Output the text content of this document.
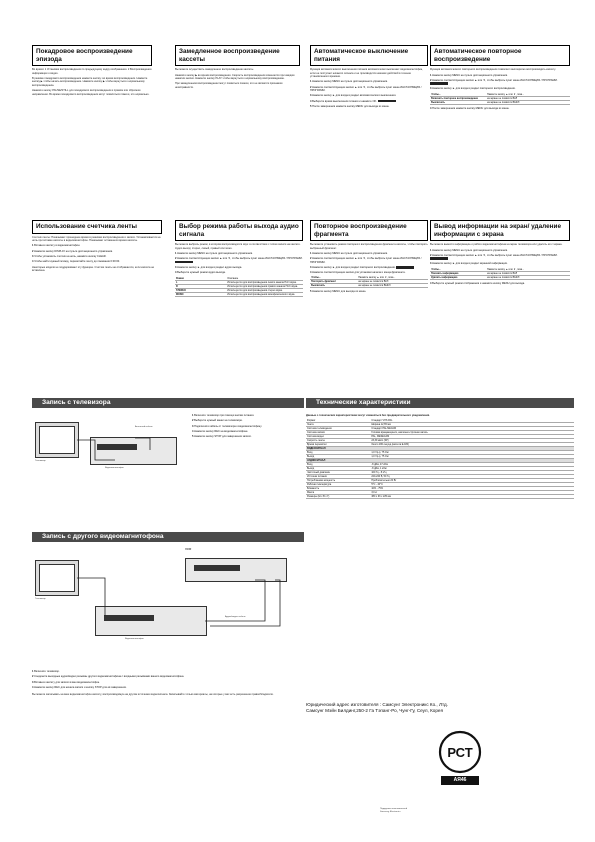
Покадровое воспроизведение эпизода
Во время: 1 Установки воспроизведения по предыдущему кадру изображения. 2 Воспроизведения информации о видео.
В режиме покадрового воспроизведения нажмите кнопку: во время воспроизведения. Нажмите кнопку ▶ чтобы начать воспроизведение. Нажмите кнопку ▶ чтобы вернуться к нормальному воспроизведению.
Нажмите кнопку PAUSE/STILL для покадрового воспроизведения в прямом или обратном направлении. Во время покадрового воспроизведения могут появляться помехи, это нормально.
Замедленное воспроизведение кассеты
Вы можете осуществить замедленное воспроизведение кассеты.
Нажмите кнопку ▶ во время воспроизведения. Скорость воспроизведения изменяется при каждом нажатии кнопки. Нажмите кнопку PLAY чтобы вернуться к нормальному воспроизведению.
При замедленном воспроизведении могут появиться помехи, это не является признаком неисправности.
Автоматическое выключение питания
Функция автоматического выключения питания автоматически выключает видеомагнитофон, если не поступает никакого сигнала и не производится никаких действий в течение установленного времени.
1 Нажмите кнопку MENU на пульте дистанционного управления.
2 Нажмите соответствующие кнопки ▲ или ▼, чтобы выбрать пункт меню ИНСТАЛЛЯЦИЯ / ПРОГРАММ.
3 Нажмите кнопку ► для входа в раздел автоматического выключения.
4 Выберите время выключения питания и нажмите OK.
5 После завершения нажмите кнопку MENU для выхода из меню.
Автоматическое повторное воспроизведение
Функция автоматического повторного воспроизведения позволяет многократно воспроизводить кассету.
1 Нажмите кнопку MENU на пульте дистанционного управления.
2 Нажмите соответствующие кнопки ▲ или ▼, чтобы выбрать пункт меню ИНСТАЛЛЯЦИЯ / ПРОГРАММ.
3 Нажмите кнопку ► для входа в раздел повторного воспроизведения.
Чтобы...	Нажмите кнопку ▲ или ▼, пока...
Включить повторное воспроизведение	на экране не появится ВКЛ
Выключить	на экране не появится ВЫКЛ
4 После завершения нажмите кнопку MENU для выхода из меню.
Использование счетчика ленты
Счетчик ленты: Показывает прошедшее время в режимах воспроизведения и записи. Устанавливается на ноль при вставке кассеты в видеомагнитофон. Показывает оставшееся время кассеты.
1 Вставьте кассету в видеомагнитофон.
2 Нажмите кнопку DISPLAY на пульте дистанционного управления.
3 Чтобы установить счетчик на ноль, нажмите кнопку CLEAR.
4 Чтобы найти нужный эпизод, перемотайте ленту до показания 0:00:00.
Некоторые модели не поддерживают эту функцию. Счетчик ленты не отображается, если кассета не вставлена.
Выбор режима работы выхода аудио сигнала
Вы можете выбрать режим, в котором воспроизводится звук: в соответствии с типом записи на кассете. Аудио выход: стерео, левый, правый или моно.
1 Нажмите кнопку MENU на пульте дистанционного управления.
2 Нажмите соответствующие кнопки ▲ или ▼, чтобы выбрать пункт меню ИНСТАЛЛЯЦИЯ / ПРОГРАММ.
3 Нажмите кнопку ► для входа в раздел аудио выхода.
4 Выберите нужный режим аудио выхода.
Режим	Описание
L	Используется для воспроизведения левого канала Hi-Fi звука.
R	Используется для воспроизведения правого канала Hi-Fi звука.
STEREO	Используется для воспроизведения стерео звука.
MONO	Используется для воспроизведения монофонического звука.
Повторное воспроизведение фрагмента
Вы можете установить режим повторного воспроизведения фрагмента кассеты, чтобы повторить выбранный фрагмент.
1 Нажмите кнопку MENU на пульте дистанционного управления.
2 Нажмите соответствующие кнопки ▲ или ▼, чтобы выбрать пункт меню ИНСТАЛЛЯЦИЯ / ПРОГРАММ.
3 Нажмите кнопку ► для входа в раздел повторного воспроизведения.
4 Нажмите соответствующие кнопки для установки начала и конца фрагмента.
Чтобы...	Нажмите кнопку ▲ или ▼, пока...
Повторить фрагмент	на экране не появится ВКЛ
Выключить	на экране не появится ВЫКЛ
5 Нажмите кнопку MENU для выхода из меню.
Вывод информации на экран/ удаление информации с экрана
Вы можете вывести информацию о работе видеомагнитофона на экран телевизора или удалить её с экрана.
1 Нажмите кнопку MENU на пульте дистанционного управления.
2 Нажмите соответствующие кнопки ▲ или ▼, чтобы выбрать пункт меню ИНСТАЛЛЯЦИЯ / ПРОГРАММ.
3 Нажмите кнопку ► для входа в раздел экранной информации.
Чтобы...	Нажмите кнопку ▲ или ▼, пока...
Показать информацию	на экране не появится ВКЛ
Удалить информацию	на экране не появится ВЫКЛ
4 Выберите нужный режим отображения и нажмите кнопку MENU для выхода.
Запись с телевизора
Телевизор
Видеомагнитофон
Антенный кабель
1 Включите телевизор при помощи кнопки питания.
2 Выберите нужный канал на телевизоре.
3 Подключите кабель от телевизора к видеомагнитофону.
4 Нажмите кнопку REC на видеомагнитофоне.
5 Нажмите кнопку STOP для завершения записи.
Запись с другого видеомагнитофона
Телевизор
VCR
Видеомагнитофон
Аудио/видео кабель
1 Включите телевизор.
2 Соедините выходные аудио/видео разъёмы другого видеомагнитофона с входными разъёмами вашего видеомагнитофона.
3 Вставьте кассету для записи в ваш видеомагнитофон.
4 Нажмите кнопку REC для начала записи и кнопку STOP для её завершения.
Вы можете записывать на ваш видеомагнитофон кассету, воспроизводимую на другом источнике видеосигнала. Записывайте только материалы, на которые у вас есть разрешение правообладателя.
Технические характеристики
Данные о технических характеристиках могут изменяться без предварительного уведомления.
Формат	Стандарт VHS PAL
Лента	Ширина 12,65 мм
Система телевидения	Стандарт PAL/SECAM
Система записи	Головки вращающиеся, наклонно-строчная запись
Система видео	PAL, MESECAM
Скорость ленты	23,39 мм/с (SP)
Время перемотки	Около 180 секунд (кассета E-180)
ВИДЕОСИГНАЛ	
Вход	1,0 Vp-p, 75 Ом
Выход	1,0 Vp-p, 75 Ом
АУДИОСИГНАЛ	
Вход	-8 дБм, 47 кОм
Выход	-8 дБм, 1 кОм
Частотный диапазон	100 Гц - 8 кГц
Источник питания	220-240 В, 50 Гц
Потребляемая мощность	Приблизительно 20 Вт
Рабочая температура	5°C - 40°C
Влажность	10% - 75%
Масса	3,0 кг
Размеры (Ш x В x Г)	380 x 93 x 225 мм
Юридический адрес изготовителя : Самсунг Электроникс Ко., Лтд.
Самсунг Мэйн Билдинг,250-2 Га Тэпанг-Ро, Чунг-Гу, Сеул, Корея
РСТ
АЯ46
Поддержка пользователей
Samsung Electronics
